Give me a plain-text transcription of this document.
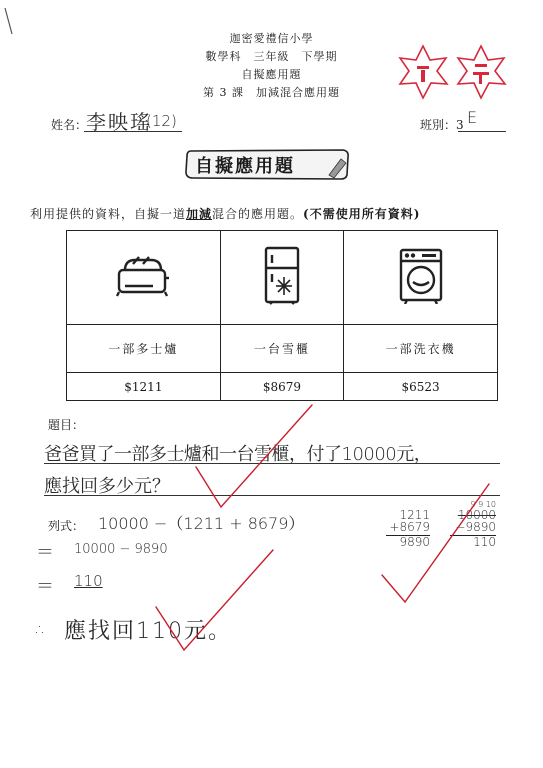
迦密愛禮信小學
數學科　三年級　下學期
自擬應用題
第 3 課　加減混合應用題
姓名：
李映瑤
(12)	班別：3 E
自擬應用題
利用提供的資料，自擬一道加減混合的應用題。(不需使用所有資料)

一部多士爐	一台雪櫃	一部洗衣機
$1211	$8679	$6523
題目：
爸爸買了一部多士爐和一台雪櫃，付了10000元，
應找回多少元？
列式： 10000 −（1211 + 8679）
＝ 10000 − 9890
＝ 110
∴ 應找回110元。
1211
+8679
9890
9 9 10
10000
−9890
110
